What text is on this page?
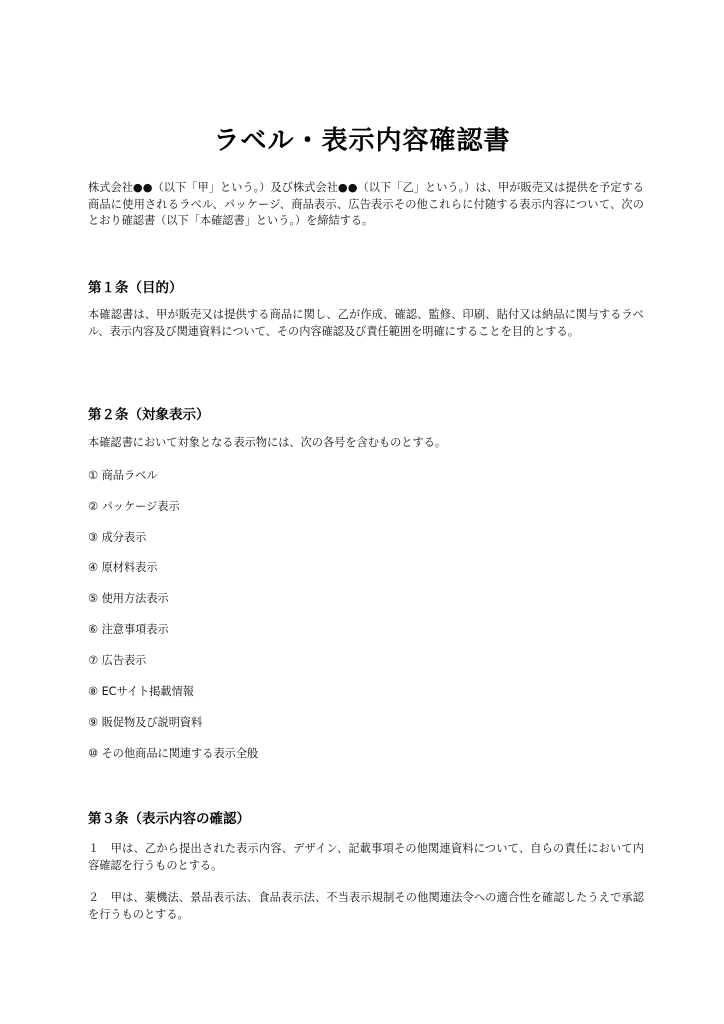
ラベル・表示内容確認書

株式会社●●（以下「甲」という。）及び株式会社●●（以下「乙」という。）は、甲が販売又は提供を予定する商品に使用されるラベル、パッケージ、商品表示、広告表示その他これらに付随する表示内容について、次のとおり確認書（以下「本確認書」という。）を締結する。

第１条（目的）

本確認書は、甲が販売又は提供する商品に関し、乙が作成、確認、監修、印刷、貼付又は納品に関与するラベル、表示内容及び関連資料について、その内容確認及び責任範囲を明確にすることを目的とする。

第２条（対象表示）

本確認書において対象となる表示物には、次の各号を含むものとする。

① 商品ラベル

② パッケージ表示

③ 成分表示

④ 原材料表示

⑤ 使用方法表示

⑥ 注意事項表示

⑦ 広告表示

⑧ ECサイト掲載情報

⑨ 販促物及び説明資料

⑩ その他商品に関連する表示全般

第３条（表示内容の確認）

１　甲は、乙から提出された表示内容、デザイン、記載事項その他関連資料について、自らの責任において内容確認を行うものとする。

２　甲は、薬機法、景品表示法、食品表示法、不当表示規制その他関連法令への適合性を確認したうえで承認を行うものとする。
